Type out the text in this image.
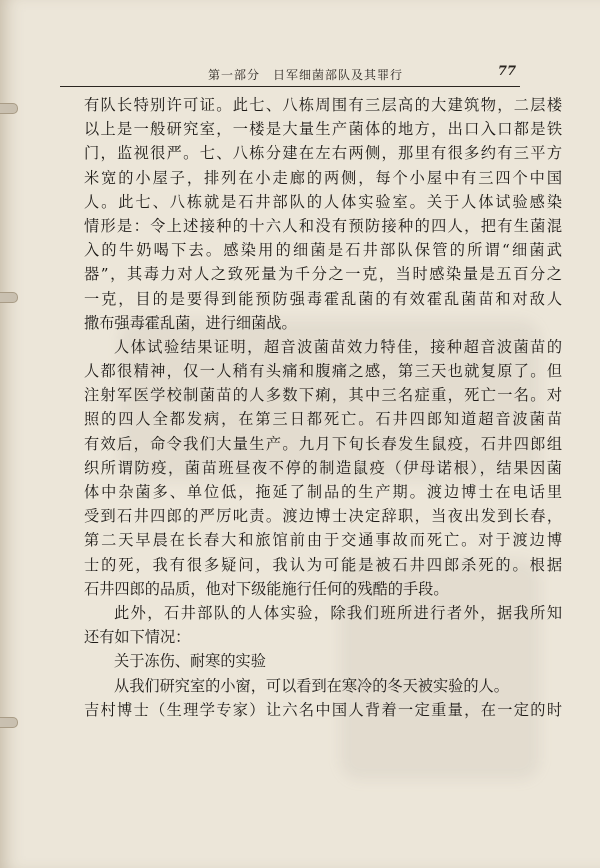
第一部分　日军细菌部队及其罪行	77
有队长特别许可证。此七、八栋周围有三层高的大建筑物，二层楼
以上是一般研究室，一楼是大量生产菌体的地方，出口入口都是铁
门，监视很严。七、八栋分建在左右两侧，那里有很多约有三平方
米宽的小屋子，排列在小走廊的两侧，每个小屋中有三四个中国
人。此七、八栋就是石井部队的人体实验室。关于人体试验感染
情形是：令上述接种的十六人和没有预防接种的四人，把有生菌混
入的牛奶喝下去。感染用的细菌是石井部队保管的所谓“细菌武
器”，其毒力对人之致死量为千分之一克，当时感染量是五百分之
一克，目的是要得到能预防强毒霍乱菌的有效霍乱菌苗和对敌人
撒布强毒霍乱菌，进行细菌战。
人体试验结果证明，超音波菌苗效力特佳，接种超音波菌苗的
人都很精神，仅一人稍有头痛和腹痛之感，第三天也就复原了。但
注射军医学校制菌苗的人多数下痢，其中三名症重，死亡一名。对
照的四人全都发病，在第三日都死亡。石井四郎知道超音波菌苗
有效后，命令我们大量生产。九月下旬长春发生鼠疫，石井四郎组
织所谓防疫，菌苗班昼夜不停的制造鼠疫（伊母诺根），结果因菌
体中杂菌多、单位低，拖延了制品的生产期。渡边博士在电话里
受到石井四郎的严厉叱责。渡边博士决定辞职，当夜出发到长春，
第二天早晨在长春大和旅馆前由于交通事故而死亡。对于渡边博
士的死，我有很多疑问，我认为可能是被石井四郎杀死的。根据
石井四郎的品质，他对下级能施行任何的残酷的手段。
此外，石井部队的人体实验，除我们班所进行者外，据我所知
还有如下情况：
关于冻伤、耐寒的实验
从我们研究室的小窗，可以看到在寒冷的冬天被实验的人。
吉村博士（生理学专家）让六名中国人背着一定重量，在一定的时
